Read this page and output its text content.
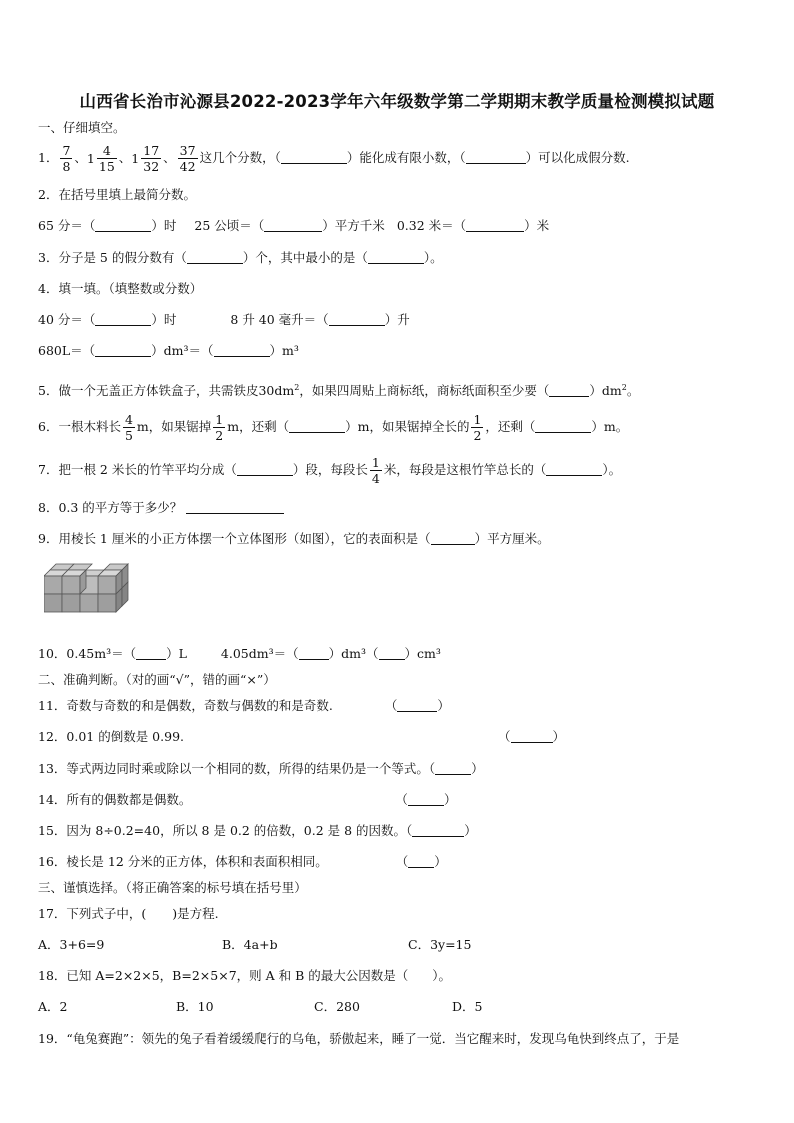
山西省长治市沁源县2022-2023学年六年级数学第二学期期末教学质量检测模拟试题
一、仔细填空。
1． $\frac{7}{8}$ 、 $1 \frac{4}{15}$ 、 $1 \frac{17}{32}$ 、 $\frac{37}{42}$ 这几个分数，（	）能化成有限小数，（	）可以化成假分数.
2．在括号里填上最简分数。
65 分＝（	）时 25 公顷＝（	）平方千米 0.32 米＝（	）米
3．分子是 5 的假分数有（	）个，其中最小的是（	）。
4．填一填。（填整数或分数）
40 分＝（	）时	8 升 40 毫升＝（	）升
680L＝（	）dm³＝（	）m³
5．做一个无盖正方体铁盒子，共需铁皮$30dm^2$，如果四周贴上商标纸，商标纸面积至少要（	）$dm^2$。
6．一根木料长 $\frac{4}{5}$ m，如果锯掉 $\frac{1}{2}$ m，还剩（	）m，如果锯掉全长的 $\frac{1}{2}$ ，还剩（	）m。
7．把一根 2 米长的竹竿平均分成（	）段，每段长 $\frac{1}{4}$ 米，每段是这根竹竿总长的（	）。
8．0.3 的平方等于多少？
9．用棱长 1 厘米的小正方体摆一个立体图形（如图），它的表面积是（	）平方厘米。
10．0.45m³＝（ ）L	4.05dm³＝（ ）dm³（ ）cm³
二、准确判断。（对的画“√”，错的画“×”）
11．奇数与奇数的和是偶数，奇数与偶数的和是奇数.	（	）
12．0.01 的倒数是 0.99.	（	）
13．等式两边同时乘或除以一个相同的数，所得的结果仍是一个等式。（	）
14．所有的偶数都是偶数。	（	）
15．因为 8÷0.2=40，所以 8 是 0.2 的倍数，0.2 是 8 的因数。（	）
16．棱长是 12 分米的正方体，体积和表面积相同。	（ ）
三、谨慎选择。（将正确答案的标号填在括号里）
17．下列式子中，( )是方程.
A．3+6=9	B．4a+b	C．3y=15
18．已知 A=2×2×5，B=2×5×7，则 A 和 B 的最大公因数是（ ）。
A．2	B．10	C．280	D．5
19．“龟兔赛跑”：领先的兔子看着缓缓爬行的乌龟，骄傲起来，睡了一觉．当它醒来时，发现乌龟快到终点了，于是
